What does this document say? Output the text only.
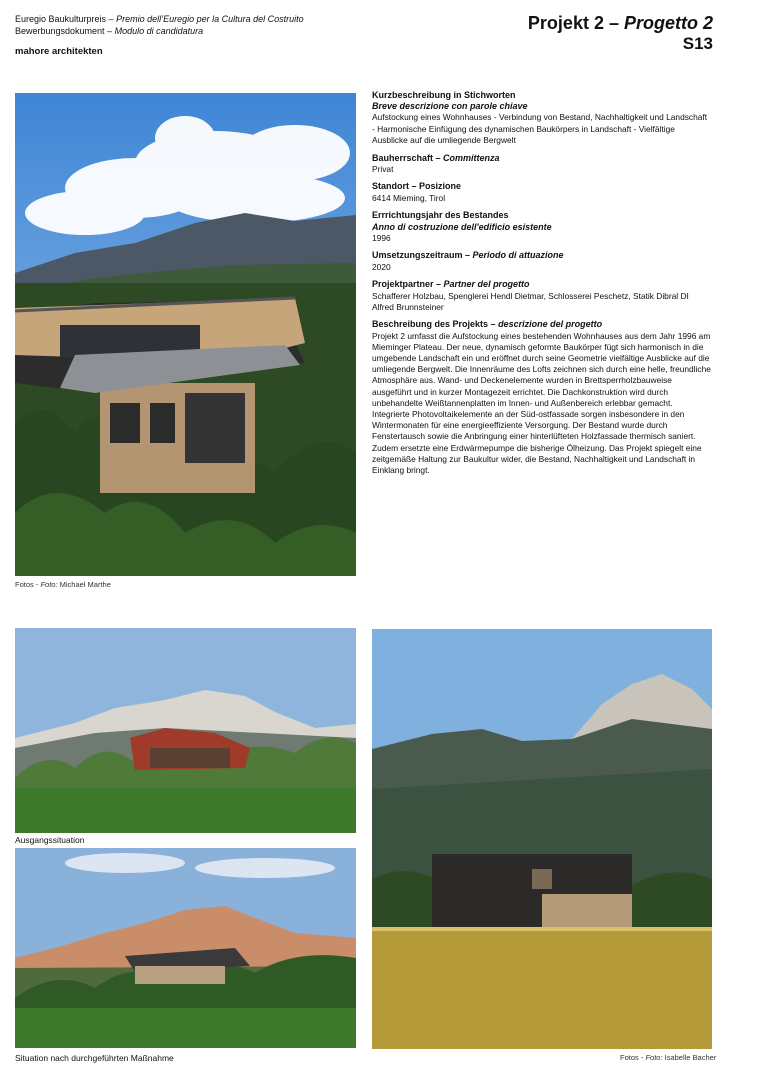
Euregio Baukulturpreis – Premio dell’Euregio per la Cultura del Costruito
Bewerbungsdokument – Modulo di candidatura
mahore architekten
Projekt 2 – Progetto 2
S13
Fotos - Foto: Michael Marthe
Kurzbeschreibung in Stichworten
Breve descrizione con parole chiave
Aufstockung eines Wohnhauses - Verbindung von Bestand, Nachhaltigkeit und Landschaft - Harmonische Einfügung des dynamischen Baukörpers in Landschaft - Vielfältige Ausblicke auf die umliegende Bergwelt
Bauherrschaft – Committenza
Privat
Standort – Posizione
6414 Mieming, Tirol
Errrichtungsjahr des Bestandes
Anno di costruzione dell'edificio esistente
1996
Umsetzungszeitraum – Periodo di attuazione
2020
Projektpartner – Partner del progetto
Schafferer Holzbau, Spenglerei Hendl Dietmar, Schlosserei Peschetz, Statik Dibral DI Alfred Brunnsteiner
Beschreibung des Projekts – descrizione del progetto
Projekt 2 umfasst die Aufstockung eines bestehenden Wohnhauses aus dem Jahr 1996 am Mieminger Plateau. Der neue, dynamisch geformte Baukörper fügt sich harmonisch in die umgebende Landschaft ein und eröffnet durch seine Geometrie vielfältige Ausblicke auf die umliegende Bergwelt. Die Innenräume des Lofts zeichnen sich durch eine helle, freundliche Atmosphäre aus. Wand- und Deckenelemente wurden in Brettsperrholzbauweise ausgeführt und in kurzer Montagezeit errichtet. Die Dachkonstruktion wird durch unbehandelte Weißtannenplatten im Innen- und Außenbereich erlebbar gemacht. Integrierte Photovoltaikelemente an der Süd-ostfassade sorgen insbesondere in den Wintermonaten für eine energieeffiziente Versorgung. Der Bestand wurde durch Fenstertausch sowie die Anbringung einer hinterlüfteten Holzfassade thermisch saniert. Zudem ersetzte eine Erdwärmepumpe die bisherige Ölheizung. Das Projekt spiegelt eine zeitgemäße Haltung zur Baukultur wider, die Bestand, Nachhaltigkeit und Landschaft in Einklang bringt.
Ausgangssituation
Situation nach durchgeführten Maßnahme	Fotos - Foto: Isabelle Bacher
